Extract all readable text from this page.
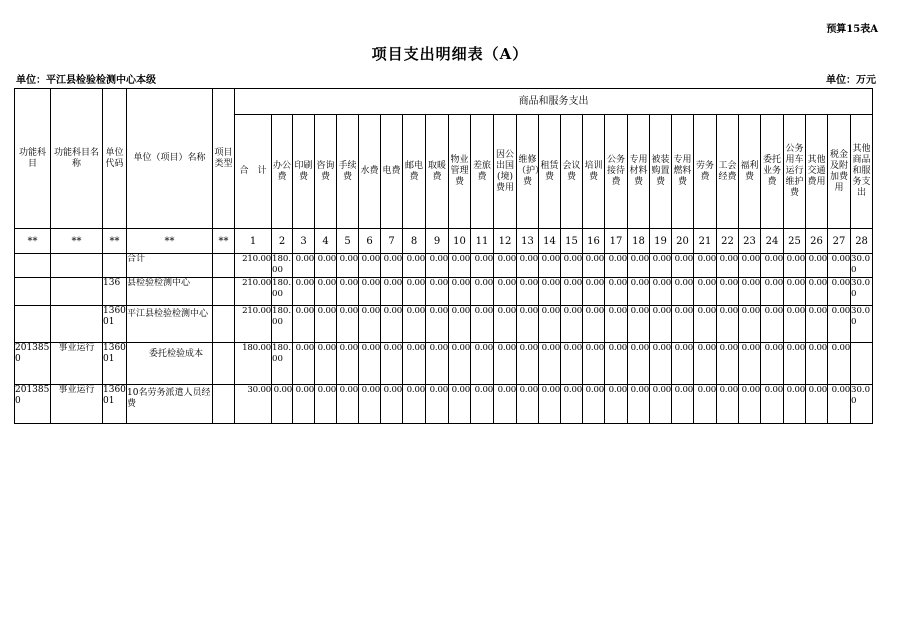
预算15表A
项目支出明细表（A）
单位：平江县检验检测中心本级	单位：万元
功能科目	功能科目名称	单位代码	单位（项目）名称	项目类型	商品和服务支出																											
					合　计	办公费	印刷费	咨询费	手续费	水费	电费	邮电费	取暖费	物业管理费	差旅费	因公出国(境)费用	维修（护）费	租赁费	会议费	培训费	公务接待费	专用材料费	被装购置费	专用燃料费	劳务费	工会经费	福利费	委托业务费	公务用车运行维护费	其他交通费用	税金及附加费用	其他商品和服务支出
**	**	**	**	**	1	2	3	4	5	6	7	8	9	10	11	12	13	14	15	16	17	18	19	20	21	22	23	24	25	26	27	28
			合计		210.00	180.00	0.00	0.00	0.00	0.00	0.00	0.00	0.00	0.00	0.00	0.00	0.00	0.00	0.00	0.00	0.00	0.00	0.00	0.00	0.00	0.00	0.00	0.00	0.00	0.00	0.00	30.00
		136	县检验检测中心		210.00	180.00	0.00	0.00	0.00	0.00	0.00	0.00	0.00	0.00	0.00	0.00	0.00	0.00	0.00	0.00	0.00	0.00	0.00	0.00	0.00	0.00	0.00	0.00	0.00	0.00	0.00	30.00
		136001	平江县检验检测中心		210.00	180.00	0.00	0.00	0.00	0.00	0.00	0.00	0.00	0.00	0.00	0.00	0.00	0.00	0.00	0.00	0.00	0.00	0.00	0.00	0.00	0.00	0.00	0.00	0.00	0.00	0.00	30.00
2013850	事业运行	136001	委托检验成本		180.00	180.00	0.00	0.00	0.00	0.00	0.00	0.00	0.00	0.00	0.00	0.00	0.00	0.00	0.00	0.00	0.00	0.00	0.00	0.00	0.00	0.00	0.00	0.00	0.00	0.00	0.00	
2013850	事业运行	136001	10名劳务派遣人员经费		30.00	0.00	0.00	0.00	0.00	0.00	0.00	0.00	0.00	0.00	0.00	0.00	0.00	0.00	0.00	0.00	0.00	0.00	0.00	0.00	0.00	0.00	0.00	0.00	0.00	0.00	0.00	30.00
